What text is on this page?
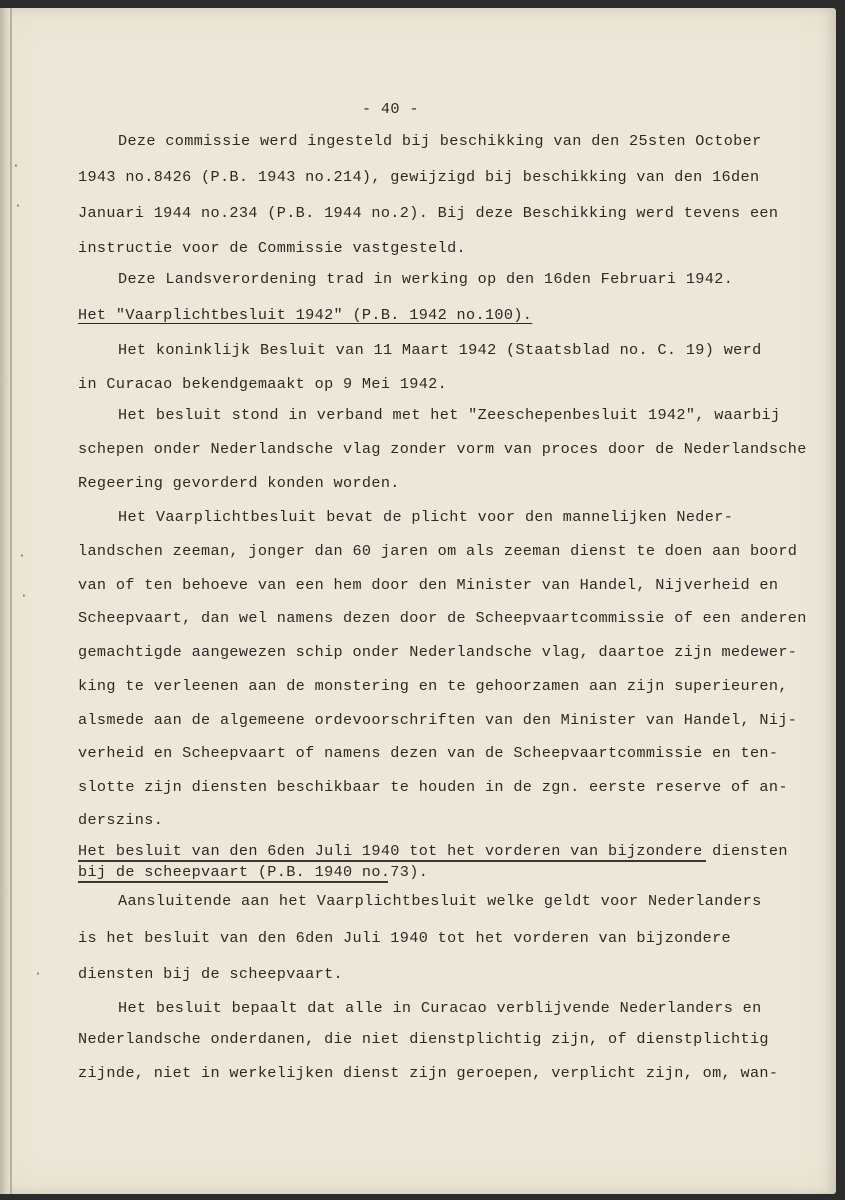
·
·
·
·
·
- 40 -
Deze commissie werd ingesteld bij beschikking van den 25sten October
1943 no.8426 (P.B. 1943 no.214), gewijzigd bij beschikking van den 16den
Januari 1944 no.234 (P.B. 1944 no.2). Bij deze Beschikking werd tevens een
instructie voor de Commissie vastgesteld.
Deze Landsverordening trad in werking op den 16den Februari 1942.
Het "Vaarplichtbesluit 1942" (P.B. 1942 no.100).
Het koninklijk Besluit van 11 Maart 1942 (Staatsblad no. C. 19) werd
in Curacao bekendgemaakt op 9 Mei 1942.
Het besluit stond in verband met het "Zeeschepenbesluit 1942", waarbij
schepen onder Nederlandsche vlag zonder vorm van proces door de Nederlandsche
Regeering gevorderd konden worden.
Het Vaarplichtbesluit bevat de plicht voor den mannelijken Neder-
landschen zeeman, jonger dan 60 jaren om als zeeman dienst te doen aan boord
van of ten behoeve van een hem door den Minister van Handel, Nijverheid en
Scheepvaart, dan wel namens dezen door de Scheepvaartcommissie of een anderen
gemachtigde aangewezen schip onder Nederlandsche vlag, daartoe zijn medewer-
king te verleenen aan de monstering en te gehoorzamen aan zijn superieuren,
alsmede aan de algemeene ordevoorschriften van den Minister van Handel, Nij-
verheid en Scheepvaart of namens dezen van de Scheepvaartcommissie en ten-
slotte zijn diensten beschikbaar te houden in de zgn. eerste reserve of an-
derszins.
Het besluit van den 6den Juli 1940 tot het vorderen van bijzondere diensten
bij de scheepvaart (P.B. 1940 no.73).
Aansluitende aan het Vaarplichtbesluit welke geldt voor Nederlanders
is het besluit van den 6den Juli 1940 tot het vorderen van bijzondere
diensten bij de scheepvaart.
Het besluit bepaalt dat alle in Curacao verblijvende Nederlanders en
Nederlandsche onderdanen, die niet dienstplichtig zijn, of dienstplichtig
zijnde, niet in werkelijken dienst zijn geroepen, verplicht zijn, om, wan-
